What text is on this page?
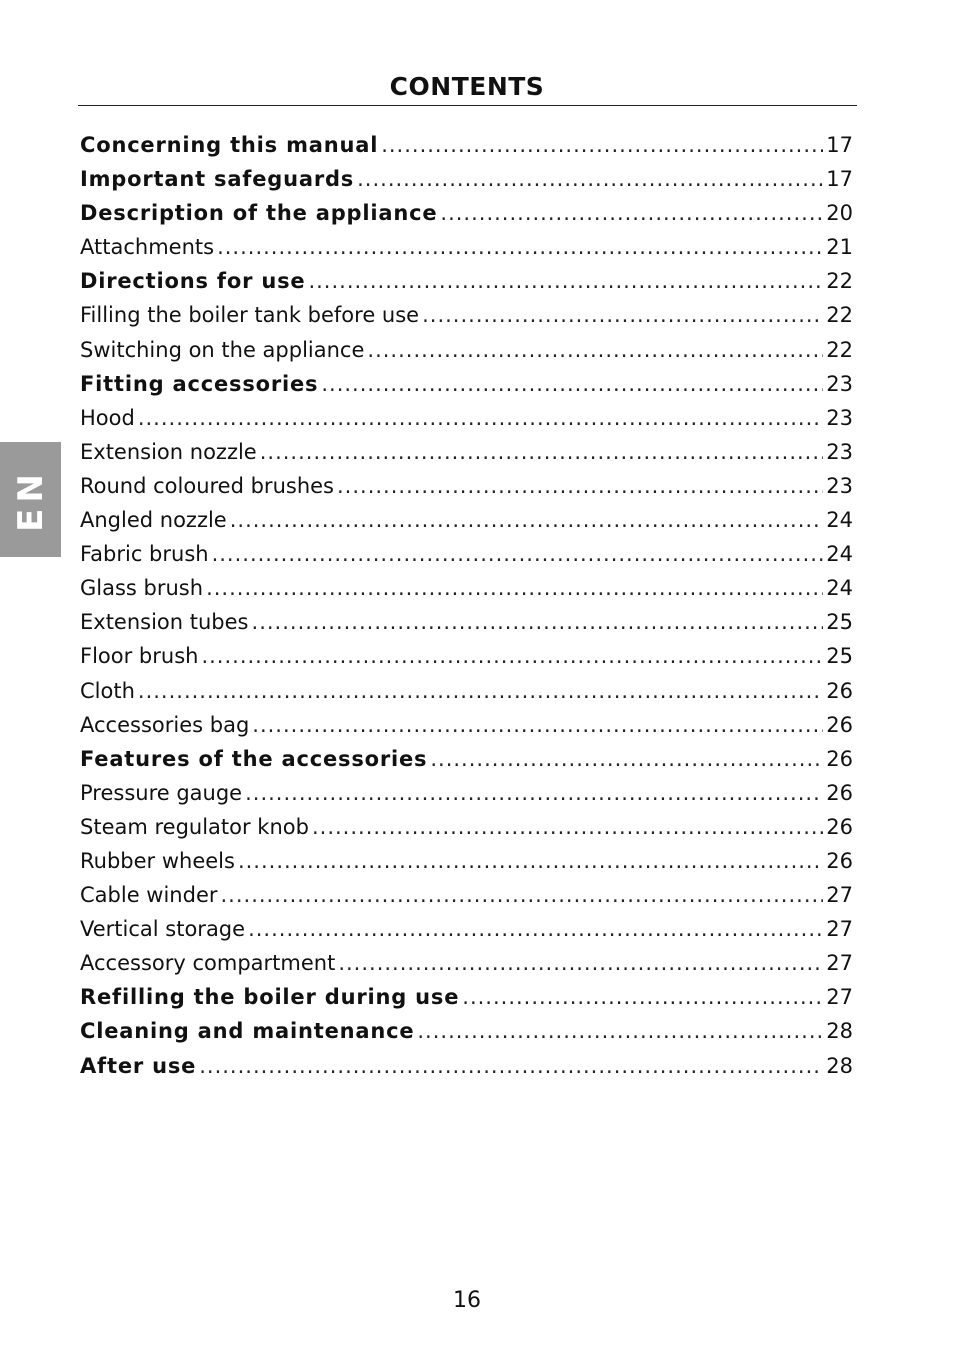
EN
CONTENTS
Concerning this manual .....	17
Important safeguards .....	17
Description of the appliance .....	20
Attachments .....	21
Directions for use .....	22
Filling the boiler tank before use .....	22
Switching on the appliance .....	22
Fitting accessories .....	23
Hood .....	23
Extension nozzle .....	23
Round coloured brushes .....	23
Angled nozzle .....	24
Fabric brush .....	24
Glass brush .....	24
Extension tubes .....	25
Floor brush .....	25
Cloth .....	26
Accessories bag .....	26
Features of the accessories .....	26
Pressure gauge .....	26
Steam regulator knob .....	26
Rubber wheels .....	26
Cable winder .....	27
Vertical storage .....	27
Accessory compartment .....	27
Refilling the boiler during use .....	27
Cleaning and maintenance .....	28
After use .....	28
16
